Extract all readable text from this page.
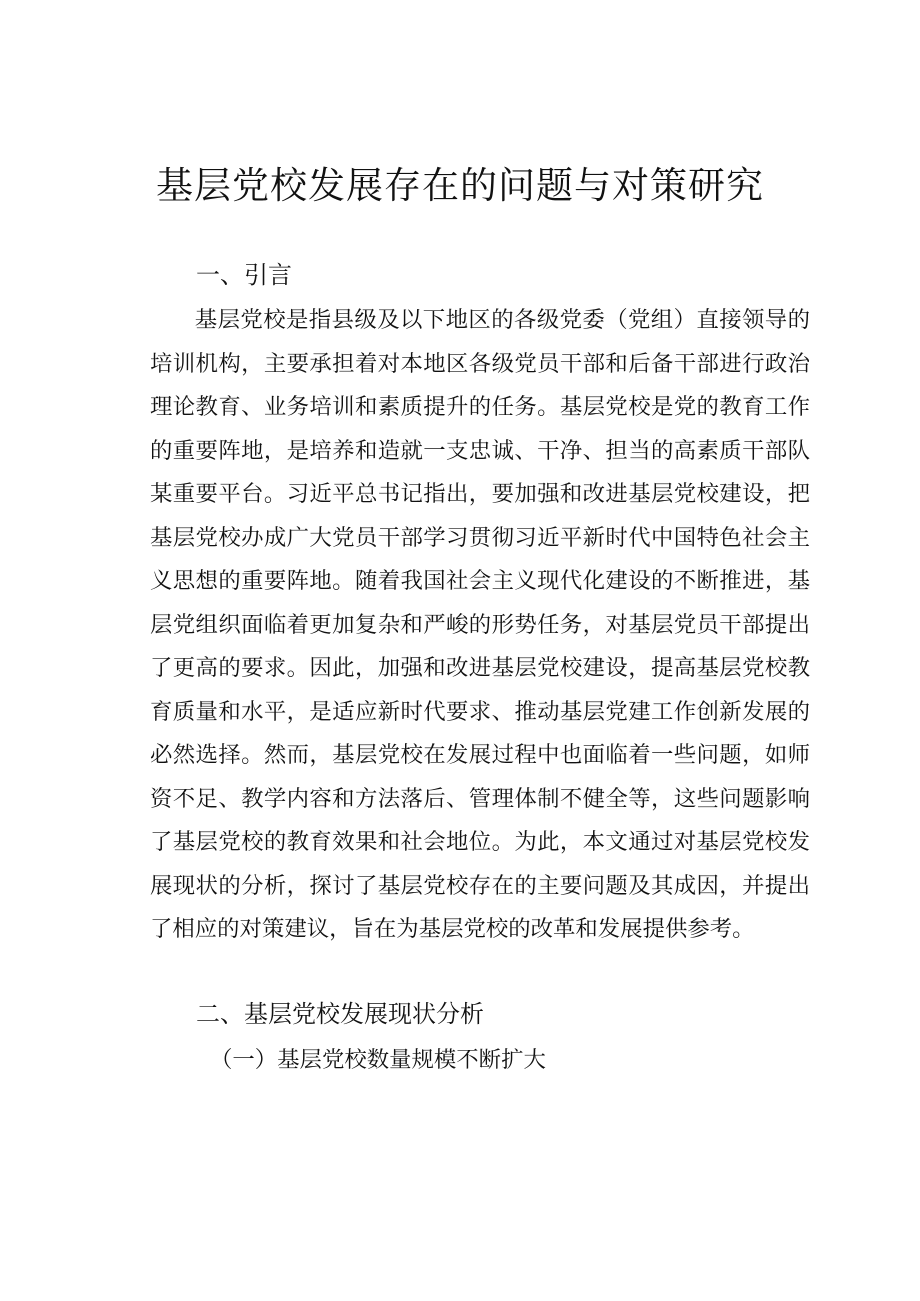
基层党校发展存在的问题与对策研究
一、引言
基层党校是指县级及以下地区的各级党委（党组）直接领导的培训机构，主要承担着对本地区各级党员干部和后备干部进行政治理论教育、业务培训和素质提升的任务。基层党校是党的教育工作的重要阵地，是培养和造就一支忠诚、干净、担当的高素质干部队某重要平台。习近平总书记指出，要加强和改进基层党校建设，把基层党校办成广大党员干部学习贯彻习近平新时代中国特色社会主义思想的重要阵地。随着我国社会主义现代化建设的不断推进，基层党组织面临着更加复杂和严峻的形势任务，对基层党员干部提出了更高的要求。因此，加强和改进基层党校建设，提高基层党校教育质量和水平，是适应新时代要求、推动基层党建工作创新发展的必然选择。然而，基层党校在发展过程中也面临着一些问题，如师资不足、教学内容和方法落后、管理体制不健全等，这些问题影响了基层党校的教育效果和社会地位。为此，本文通过对基层党校发展现状的分析，探讨了基层党校存在的主要问题及其成因，并提出了相应的对策建议，旨在为基层党校的改革和发展提供参考。
二、基层党校发展现状分析
（一）基层党校数量规模不断扩大
